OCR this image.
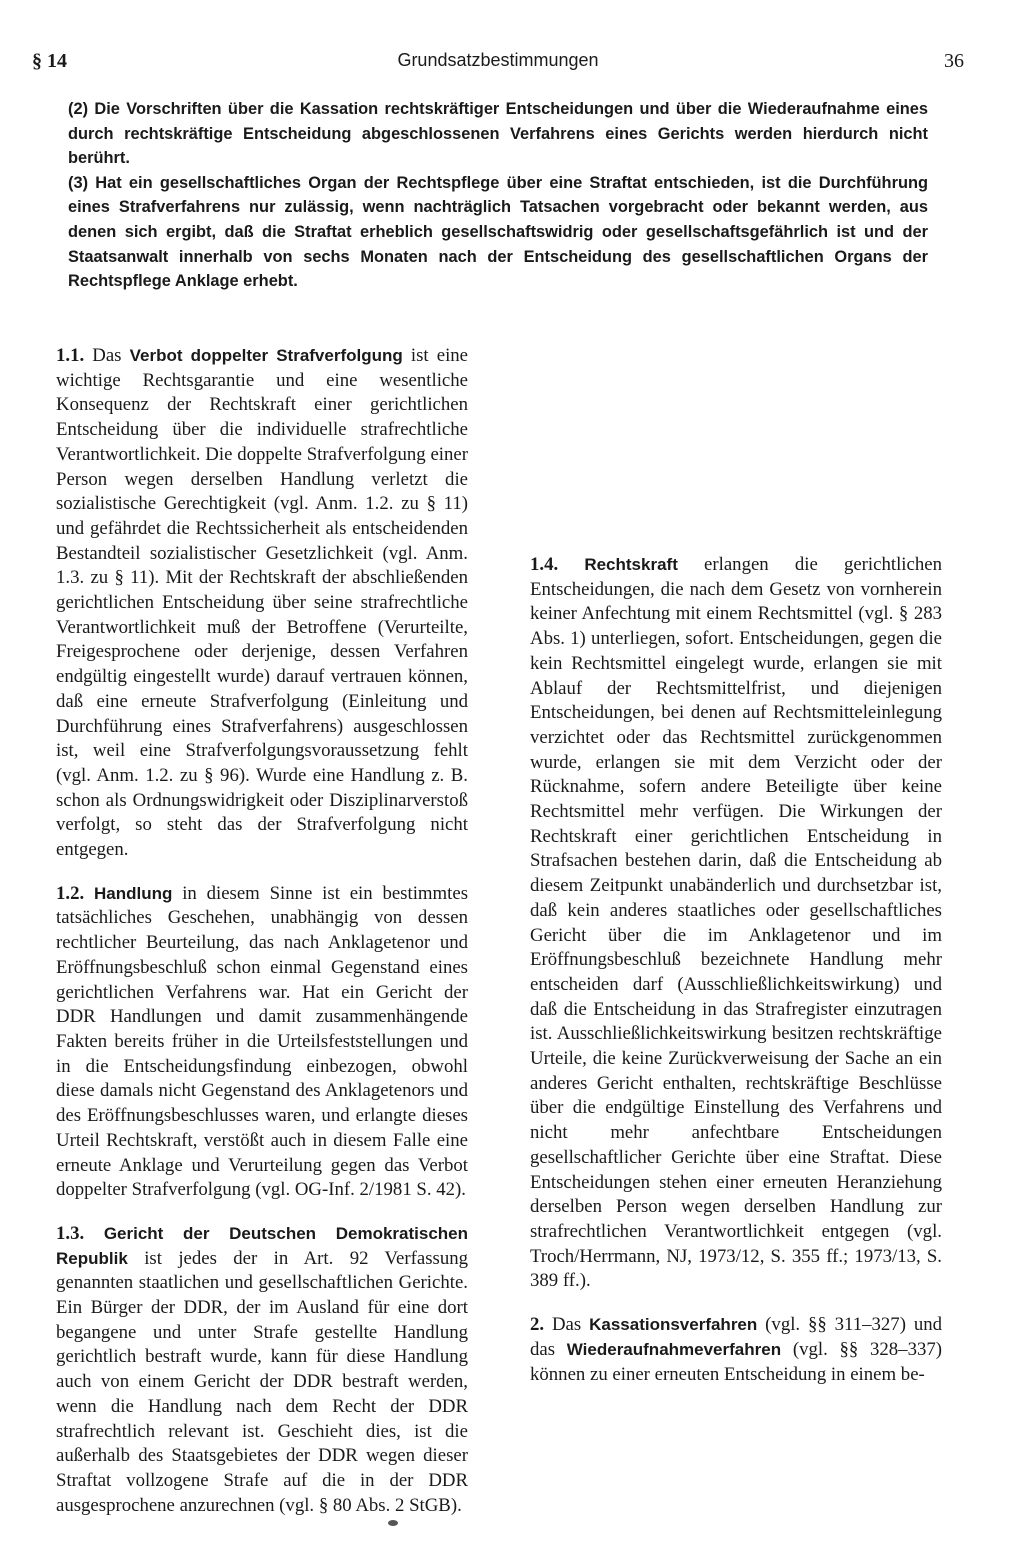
§ 14	Grundsatzbestimmungen	36

(2) Die Vorschriften über die Kassation rechtskräftiger Entscheidungen und über die Wiederaufnahme eines durch rechtskräftige Entscheidung abgeschlossenen Verfahrens eines Gerichts werden hierdurch nicht berührt.

(3) Hat ein gesellschaftliches Organ der Rechtspflege über eine Straftat entschieden, ist die Durchführung eines Strafverfahrens nur zulässig, wenn nachträglich Tatsachen vorgebracht oder bekannt werden, aus denen sich ergibt, daß die Straftat erheblich gesellschaftswidrig oder gesellschaftsgefährlich ist und der Staatsanwalt innerhalb von sechs Monaten nach der Entscheidung des gesellschaftlichen Organs der Rechtspflege Anklage erhebt.

1.1. Das Verbot doppelter Strafverfolgung ist eine wichtige Rechtsgarantie und eine wesentliche Konsequenz der Rechtskraft einer gerichtlichen Entscheidung über die individuelle strafrechtliche Verantwortlichkeit. Die doppelte Strafverfolgung einer Person wegen derselben Handlung verletzt die sozialistische Gerechtigkeit (vgl. Anm. 1.2. zu § 11) und gefährdet die Rechtssicherheit als entscheidenden Bestandteil sozialistischer Gesetzlichkeit (vgl. Anm. 1.3. zu § 11). Mit der Rechtskraft der abschließenden gerichtlichen Entscheidung über seine strafrechtliche Verantwortlichkeit muß der Betroffene (Verurteilte, Freigesprochene oder derjenige, dessen Verfahren endgültig eingestellt wurde) darauf vertrauen können, daß eine erneute Strafverfolgung (Einleitung und Durchführung eines Strafverfahrens) ausgeschlossen ist, weil eine Strafverfolgungsvoraussetzung fehlt (vgl. Anm. 1.2. zu § 96). Wurde eine Handlung z. B. schon als Ordnungswidrigkeit oder Disziplinarverstoß verfolgt, so steht das der Strafverfolgung nicht entgegen.

1.2. Handlung in diesem Sinne ist ein bestimmtes tatsächliches Geschehen, unabhängig von dessen rechtlicher Beurteilung, das nach Anklagetenor und Eröffnungsbeschluß schon einmal Gegenstand eines gerichtlichen Verfahrens war. Hat ein Gericht der DDR Handlungen und damit zusammenhängende Fakten bereits früher in die Urteilsfeststellungen und in die Entscheidungsfindung einbezogen, obwohl diese damals nicht Gegenstand des Anklagetenors und des Eröffnungsbeschlusses waren, und erlangte dieses Urteil Rechtskraft, verstößt auch in diesem Falle eine erneute Anklage und Verurteilung gegen das Verbot doppelter Strafverfolgung (vgl. OG-Inf. 2/1981 S. 42).

1.3. Gericht der Deutschen Demokratischen Republik ist jedes der in Art. 92 Verfassung genannten staatlichen und gesellschaftlichen Gerichte. Ein Bürger der DDR, der im Ausland für eine dort begangene und unter Strafe gestellte Handlung gerichtlich bestraft wurde, kann für diese Handlung auch von einem Gericht der DDR bestraft werden, wenn die Handlung nach dem Recht der DDR strafrechtlich relevant ist. Geschieht dies, ist die außerhalb des Staatsgebietes der DDR wegen dieser Straftat vollzogene Strafe auf die in der DDR ausgesprochene anzurechnen (vgl. § 80 Abs. 2 StGB).

1.4. Rechtskraft erlangen die gerichtlichen Entscheidungen, die nach dem Gesetz von vornherein keiner Anfechtung mit einem Rechtsmittel (vgl. § 283 Abs. 1) unterliegen, sofort. Entscheidungen, gegen die kein Rechtsmittel eingelegt wurde, erlangen sie mit Ablauf der Rechtsmittelfrist, und diejenigen Entscheidungen, bei denen auf Rechtsmitteleinlegung verzichtet oder das Rechtsmittel zurückgenommen wurde, erlangen sie mit dem Verzicht oder der Rücknahme, sofern andere Beteiligte über keine Rechtsmittel mehr verfügen. Die Wirkungen der Rechtskraft einer gerichtlichen Entscheidung in Strafsachen bestehen darin, daß die Entscheidung ab diesem Zeitpunkt unabänderlich und durchsetzbar ist, daß kein anderes staatliches oder gesellschaftliches Gericht über die im Anklagetenor und im Eröffnungsbeschluß bezeichnete Handlung mehr entscheiden darf (Ausschließlichkeitswirkung) und daß die Entscheidung in das Strafregister einzutragen ist. Ausschließlichkeitswirkung besitzen rechtskräftige Urteile, die keine Zurückverweisung der Sache an ein anderes Gericht enthalten, rechtskräftige Beschlüsse über die endgültige Einstellung des Verfahrens und nicht mehr anfechtbare Entscheidungen gesellschaftlicher Gerichte über eine Straftat. Diese Entscheidungen stehen einer erneuten Heranziehung derselben Person wegen derselben Handlung zur strafrechtlichen Verantwortlichkeit entgegen (vgl. Troch/Herrmann, NJ, 1973/12, S. 355 ff.; 1973/13, S. 389 ff.).

2. Das Kassationsverfahren (vgl. §§ 311–327) und das Wiederaufnahmeverfahren (vgl. §§ 328–337) können zu einer erneuten Entscheidung in einem be-
